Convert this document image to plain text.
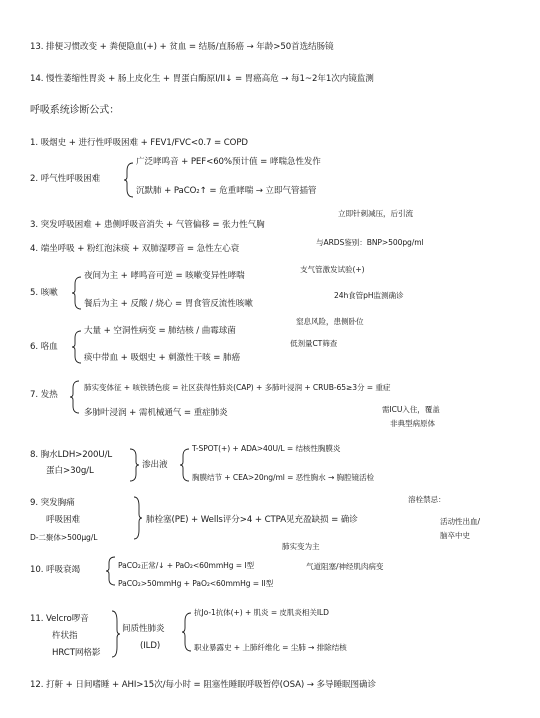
13. 排便习惯改变 + 粪便隐血(+) + 贫血 = 结肠/直肠癌 → 年龄>50首选结肠镜
14. 慢性萎缩性胃炎 + 肠上皮化生 + 胃蛋白酶原I/II↓ = 胃癌高危 → 每1~2年1次内镜监测
呼吸系统诊断公式：
1. 吸烟史 + 进行性呼吸困难 + FEV1/FVC<0.7 = COPD
2. 呼气性呼吸困难
广泛哮鸣音 + PEF<60%预计值 = 哮喘急性发作
沉默肺 + PaCO₂↑ = 危重哮喘 → 立即气管插管
立即针刺减压，后引流
3. 突发呼吸困难 + 患侧呼吸音消失 + 气管偏移 = 张力性气胸
4. 端坐呼吸 + 粉红泡沫痰 + 双肺湿啰音 = 急性左心衰
与ARDS鉴别：BNP>500pg/ml
支气管激发试验(+)
5. 咳嗽
夜间为主 + 哮鸣音可逆 = 咳嗽变异性哮喘
24h食管pH监测确诊
餐后为主 + 反酸 / 烧心 = 胃食管反流性咳嗽
窒息风险，患侧卧位
6. 咯血
大量 + 空洞性病变 = 肺结核 / 曲霉球菌
低剂量CT筛查
痰中带血 + 吸烟史 + 刺激性干咳 = 肺癌
7. 发热
肺实变体征 + 咳铁锈色痰 = 社区获得性肺炎(CAP) + 多肺叶浸润 + CRUB-65≥3分 = 重症
需ICU入住，覆盖
多肺叶浸润 + 需机械通气 = 重症肺炎
非典型病原体
8. 胸水LDH>200U/L
蛋白>30g/L
渗出液
T-SPOT(+) + ADA>40U/L = 结核性胸膜炎
胸膜结节 + CEA>20ng/ml = 恶性胸水 → 胸腔镜活检
9. 突发胸痛
呼吸困难
D-二聚体>500μg/L
肺栓塞(PE) + Wells评分>4 + CTPA见充盈缺损 = 确诊
溶栓禁忌：
活动性出血/
脑卒中史
肺实变为主
10. 呼吸衰竭	PaCO₂正常/↓ + PaO₂<60mmHg = I型	气道阻塞/神经肌肉病变
PaCO₂>50mmHg + PaO₂<60mmHg = II型
11. Velcro啰音
杵状指
HRCT网格影
间质性肺炎
(ILD)
抗Jo-1抗体(+) + 肌炎 = 皮肌炎相关ILD
职业暴露史 + 上肺纤维化 = 尘肺 → 排除结核
12. 打鼾 + 日间嗜睡 + AHI>15次/每小时 = 阻塞性睡眠呼吸暂停(OSA) → 多导睡眠图确诊
